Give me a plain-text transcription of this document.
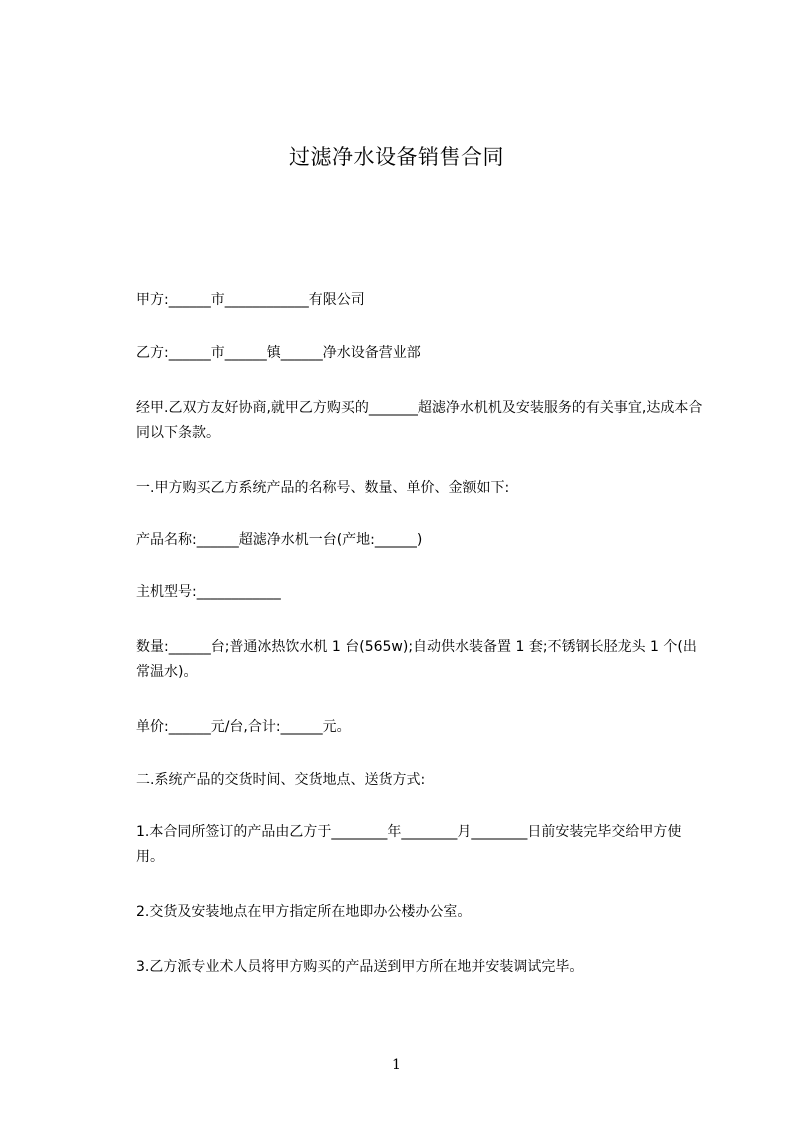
过滤净水设备销售合同
甲方:______市____________有限公司
乙方:______市______镇______净水设备营业部
经甲.乙双方友好协商,就甲乙方购买的_______超滤净水机机及安装服务的有关事宜,达成本合同以下条款。
一.甲方购买乙方系统产品的名称号、数量、单价、金额如下:
产品名称:______超滤净水机一台(产地:______)
主机型号:____________
数量:______台;普通冰热饮水机 1 台(565w);自动供水装备置 1 套;不锈钢长胫龙头 1 个(出常温水)。
单价:______元/台,合计:______元。
二.系统产品的交货时间、交货地点、送货方式:
1.本合同所签订的产品由乙方于________年________月________日前安装完毕交给甲方使用。
2.交货及安装地点在甲方指定所在地即办公楼办公室。
3.乙方派专业术人员将甲方购买的产品送到甲方所在地并安装调试完毕。
1
